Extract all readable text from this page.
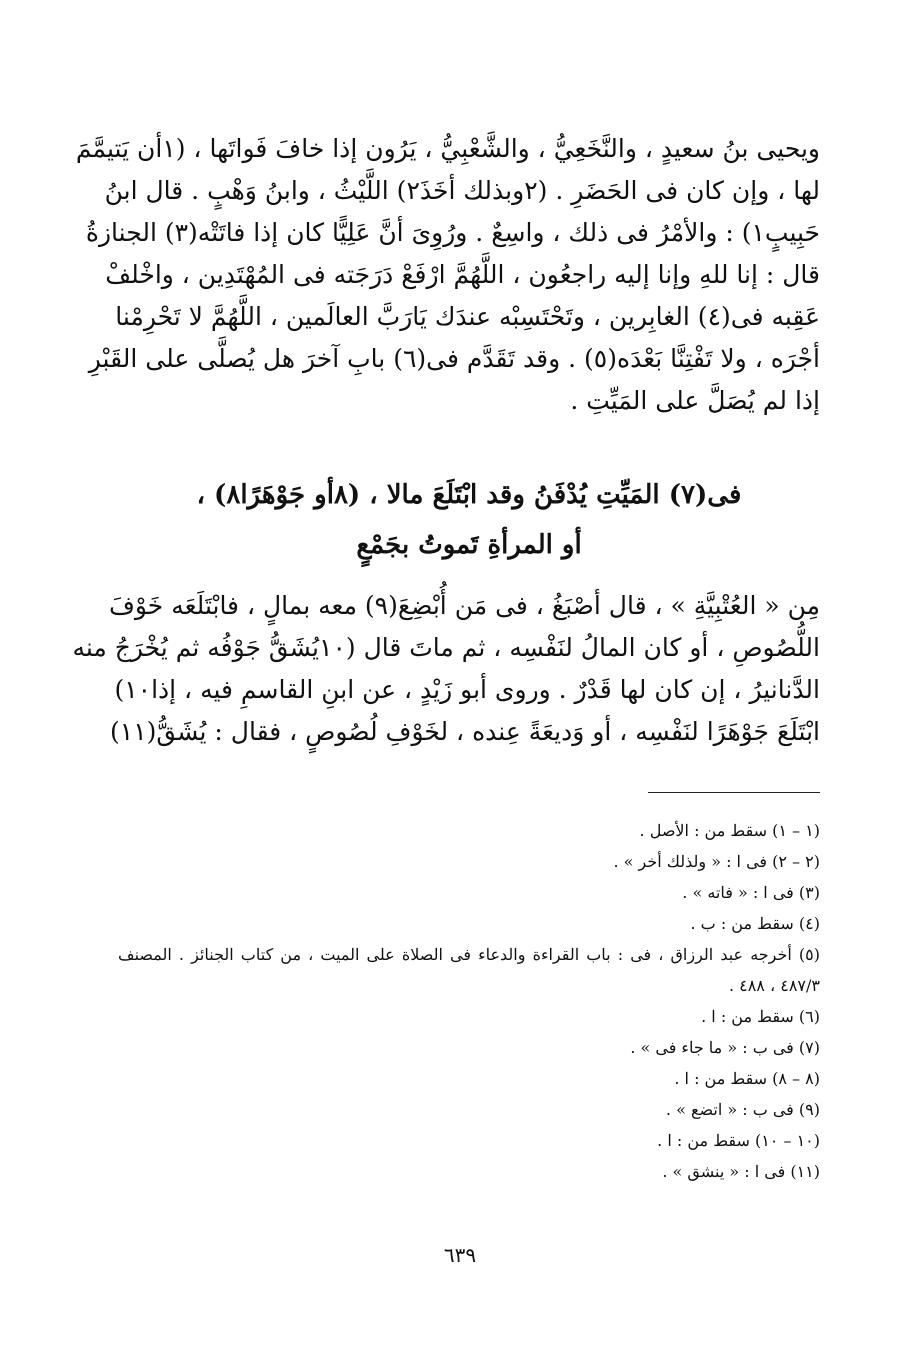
ويحيى بنُ سعيدٍ ، والنَّخَعِيُّ ، والشَّعْبِيُّ ، يَرُون إذا خافَ فَواتَها ، (١أن يَتيمَّمَ
لها ، وإن كان فى الحَضَرِ . (٢وبذلك أخَذَ٢) اللَّيْثُ ، وابنُ وَهْبٍ . قال ابنُ
حَبِيبٍ١) : والأمْرُ فى ذلك ، واسِعٌ . ورُوِىَ أنَّ عَلِيًّا كان إذا فاتَتْه(٣) الجنازةُ
قال : إنا للهِ وإنا إليه راجعُون ، اللَّهُمَّ ارْفَعْ دَرَجَته فى المُهْتَدِين ، واخْلفْ
عَقِبه فى(٤) الغابِرين ، وتَحْتَسِبْه عندَك يَارَبَّ العالَمين ، اللَّهُمَّ لا تَحْرِمْنا
أجْرَه ، ولا تَفْتِنَّا بَعْدَه(٥) . وقد تَقَدَّم فى(٦) بابِ آخرَ هل يُصلَّى على القَبْرِ
إذا لم يُصَلَّ على المَيِّتِ .
فى(٧) المَيِّتِ يُدْفَنُ وقد ابْتَلَعَ مالا ، (٨أو جَوْهَرًا٨) ،
أو المرأةِ تَموتُ بجَمْعٍ
مِن « العُتْبِيَّةِ » ، قال أصْبَغُ ، فى مَن أُبْضِعَ(٩) معه بمالٍ ، فابْتَلَعَه خَوْفَ
اللُّصُوصِ ، أو كان المالُ لنَفْسِه ، ثم ماتَ قال (١٠يُشَقُّ جَوْفُه ثم يُخْرَجُ منه
الدَّنانيرُ ، إن كان لها قَدْرٌ . وروى أبو زَيْدٍ ، عن ابنِ القاسمِ فيه ، إذا١٠)
ابْتَلَعَ جَوْهَرًا لنَفْسِه ، أو وَديعَةً عِنده ، لخَوْفِ لُصُوصٍ ، فقال : يُشَقُّ(١١)
(١ – ١) سقط من : الأصل .
(٢ – ٢) فى ا : « ولذلك أخر » .
(٣) فى ا : « فاته » .
(٤) سقط من : ب .
(٥) أخرجه عبد الرزاق ، فى : باب القراءة والدعاء فى الصلاة على الميت ، من كتاب الجنائز . المصنف
٤٨٧/٣ ، ٤٨٨ .
(٦) سقط من : ا .
(٧) فى ب : « ما جاء فى » .
(٨ – ٨) سقط من : ا .
(٩) فى ب : « اتضع » .
(١٠ – ١٠) سقط من : ا .
(١١) فى ا : « ينشق » .
٦٣٩
